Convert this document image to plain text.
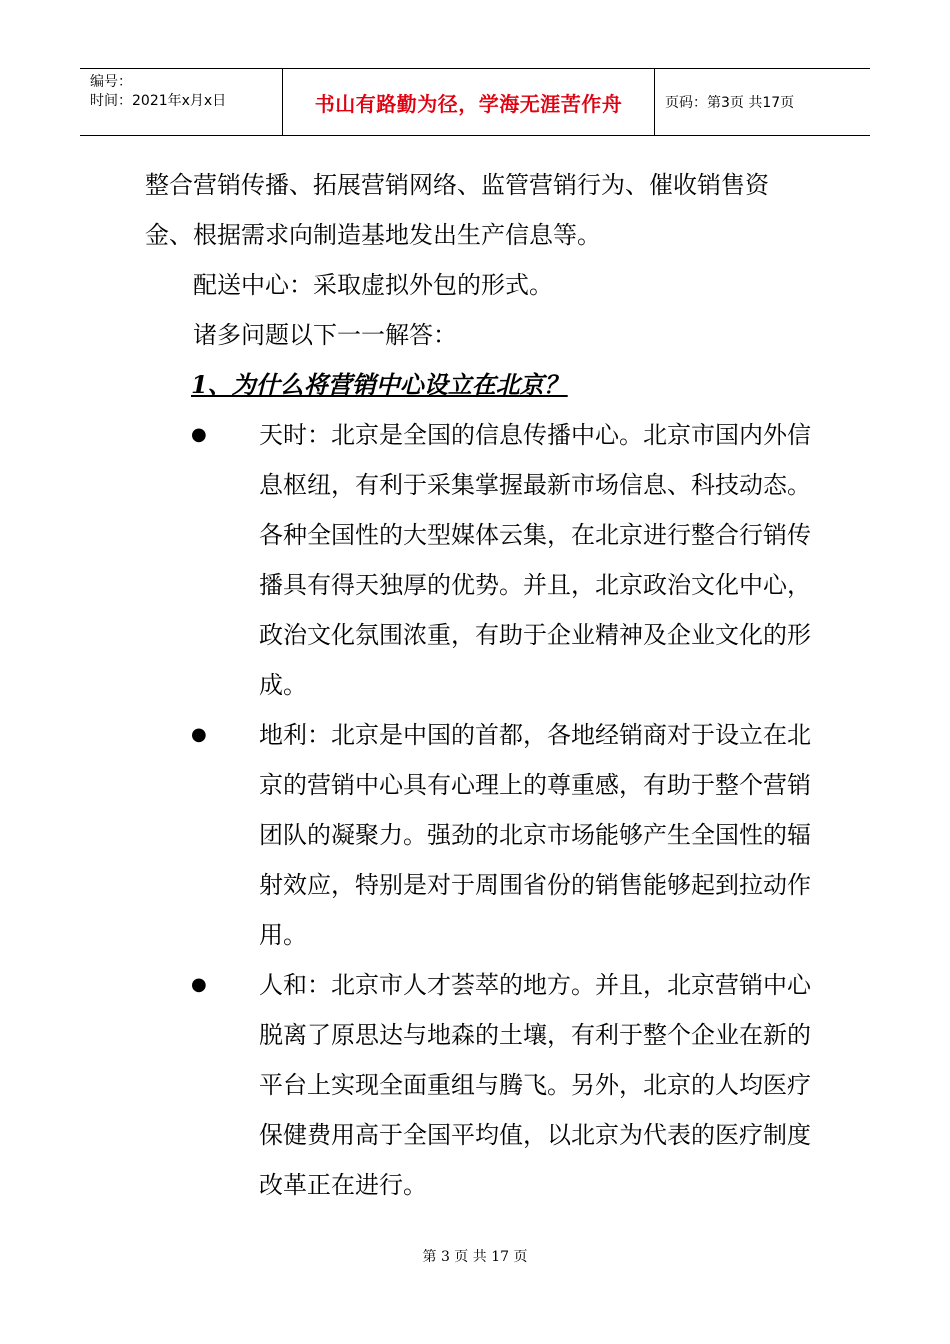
编号：
时间：2021年x月x日	书山有路勤为径，学海无涯苦作舟	页码：第3页 共17页

整合营销传播、拓展营销网络、监管营销行为、催收销售资金、根据需求向制造基地发出生产信息等。

配送中心：采取虚拟外包的形式。

诸多问题以下一一解答：

1、为什么将营销中心设立在北京？

●	天时：北京是全国的信息传播中心。北京市国内外信息枢纽，有利于采集掌握最新市场信息、科技动态。各种全国性的大型媒体云集，在北京进行整合行销传播具有得天独厚的优势。并且，北京政治文化中心，政治文化氛围浓重，有助于企业精神及企业文化的形成。
●	地利：北京是中国的首都，各地经销商对于设立在北京的营销中心具有心理上的尊重感，有助于整个营销团队的凝聚力。强劲的北京市场能够产生全国性的辐射效应，特别是对于周围省份的销售能够起到拉动作用。
●	人和：北京市人才荟萃的地方。并且，北京营销中心脱离了原思达与地森的土壤，有利于整个企业在新的平台上实现全面重组与腾飞。另外，北京的人均医疗保健费用高于全国平均值，以北京为代表的医疗制度改革正在进行。
第 3 页 共 17 页
